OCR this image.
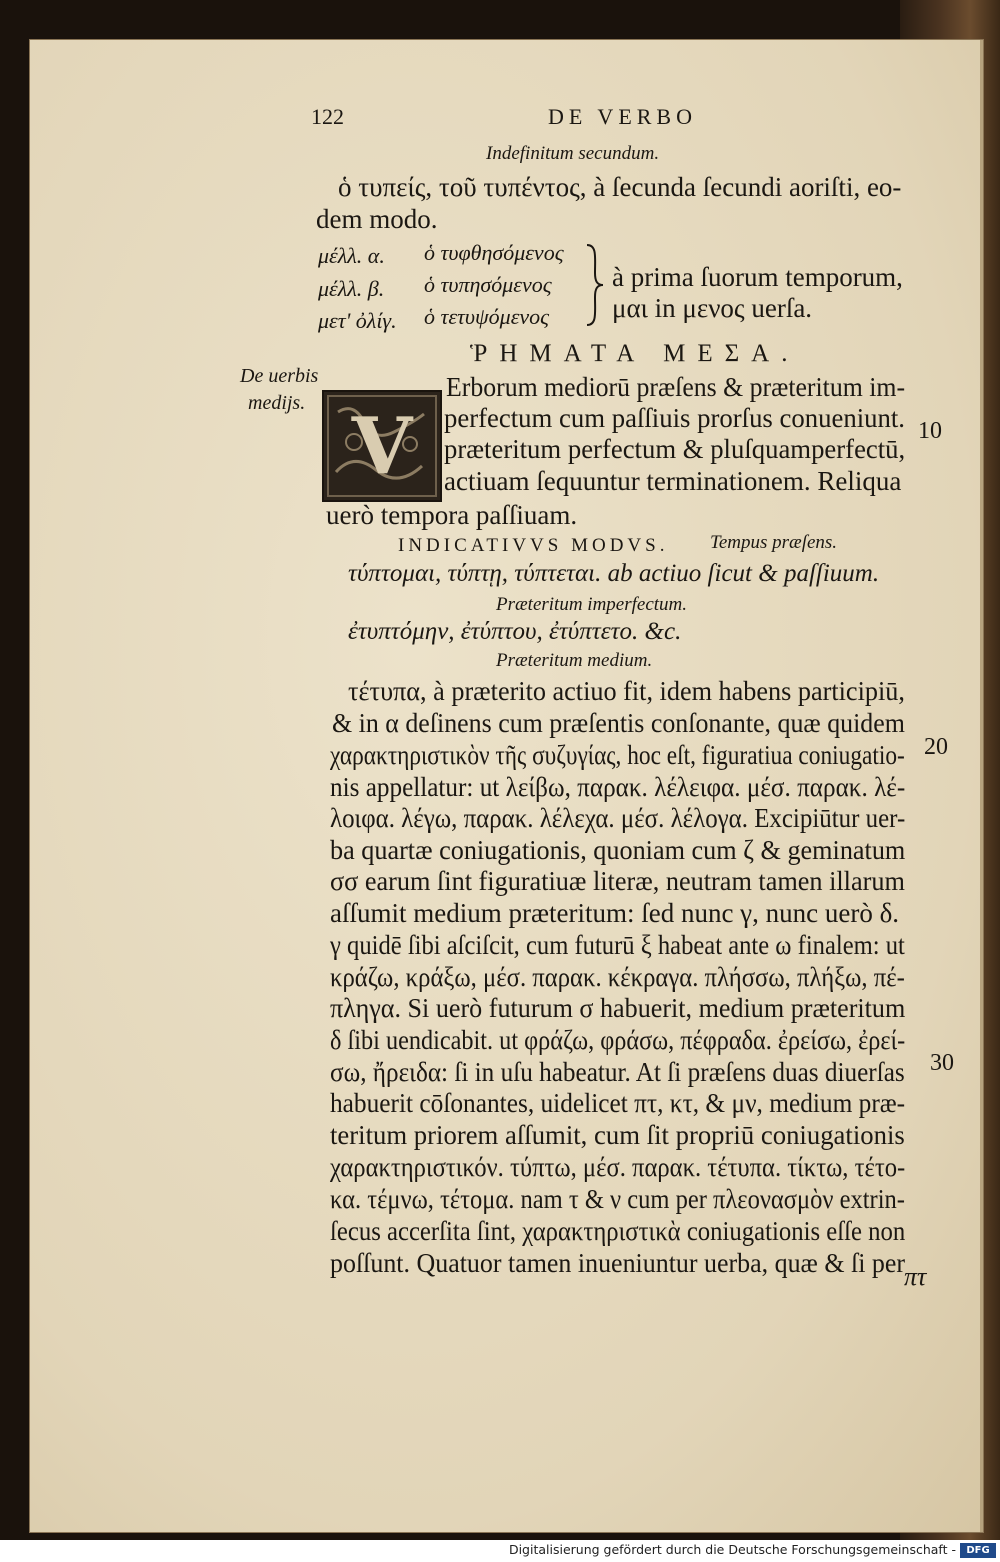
122	DE VERBO
Indefinitum secundum.
ὁ τυπείς, τοῦ τυπέντος, à ſecunda ſecundi aoriſti, eo-
dem modo.
μέλλ. α. ὁ τυφθησόμενος
μέλλ. β. ὁ τυπησόμενος
μετ' ὀλίγ. ὁ τετυψόμενος
à prima ſuorum temporum,
μαι in μενος uerſa.
ῬΗΜΑΤΑ ΜΕΣΑ.
De uerbis
medijs. V
Erborum mediorū præſens & præteritum im-
perfectum cum paſſiuis prorſus conueniunt.
præteritum perfectum & pluſquamperfectū,
actiuam ſequuntur terminationem. Reliqua
uerò tempora paſſiuam.
10
INDICATIVVS MODVS. Tempus præſens.
τύπτομαι, τύπτῃ, τύπτεται. ab actiuo ſicut & paſſiuum.
Præteritum imperfectum.
ἐτυπτόμην, ἐτύπτου, ἐτύπτετο. &c.
Præteritum medium.
τέτυπα, à præterito actiuo fit, idem habens participiū,
& in α deſinens cum præſentis conſonante, quæ quidem
χαρακτηριστικὸν τῆς συζυγίας, hoc eſt, figuratiua coniugatio-
nis appellatur: ut λείβω, παρακ. λέλειφα. μέσ. παρακ. λέ-
λοιφα. λέγω, παρακ. λέλεχα. μέσ. λέλογα. Excipiūtur uer-
ba quartæ coniugationis, quoniam cum ζ & geminatum
σσ earum ſint figuratiuæ literæ, neutram tamen illarum
aſſumit medium præteritum: ſed nunc γ, nunc uerò δ.
γ quidē ſibi aſciſcit, cum futurū ξ habeat ante ω finalem: ut
κράζω, κράξω, μέσ. παρακ. κέκραγα. πλήσσω, πλήξω, πέ-
πληγα. Si uerò futurum σ habuerit, medium præteritum
δ ſibi uendicabit. ut φράζω, φράσω, πέφραδα. ἐρείσω, ἐρεί-
σω, ἤρειδα: ſi in uſu habeatur. At ſi præſens duas diuerſas
habuerit cōſonantes, uidelicet πτ, κτ, & μν, medium præ-
teritum priorem aſſumit, cum ſit propriū coniugationis
χαρακτηριστικόν. τύπτω, μέσ. παρακ. τέτυπα. τίκτω, τέτο-
κα. τέμνω, τέτομα. nam τ & ν cum per πλεονασμὸν extrin-
ſecus accerſita ſint, χαρακτηριστικὰ coniugationis eſſe non
poſſunt. Quatuor tamen inueniuntur uerba, quæ & ſi per
20
30
πτ
Digitalisierung gefördert durch die Deutsche Forschungsgemeinschaft -	DFG
